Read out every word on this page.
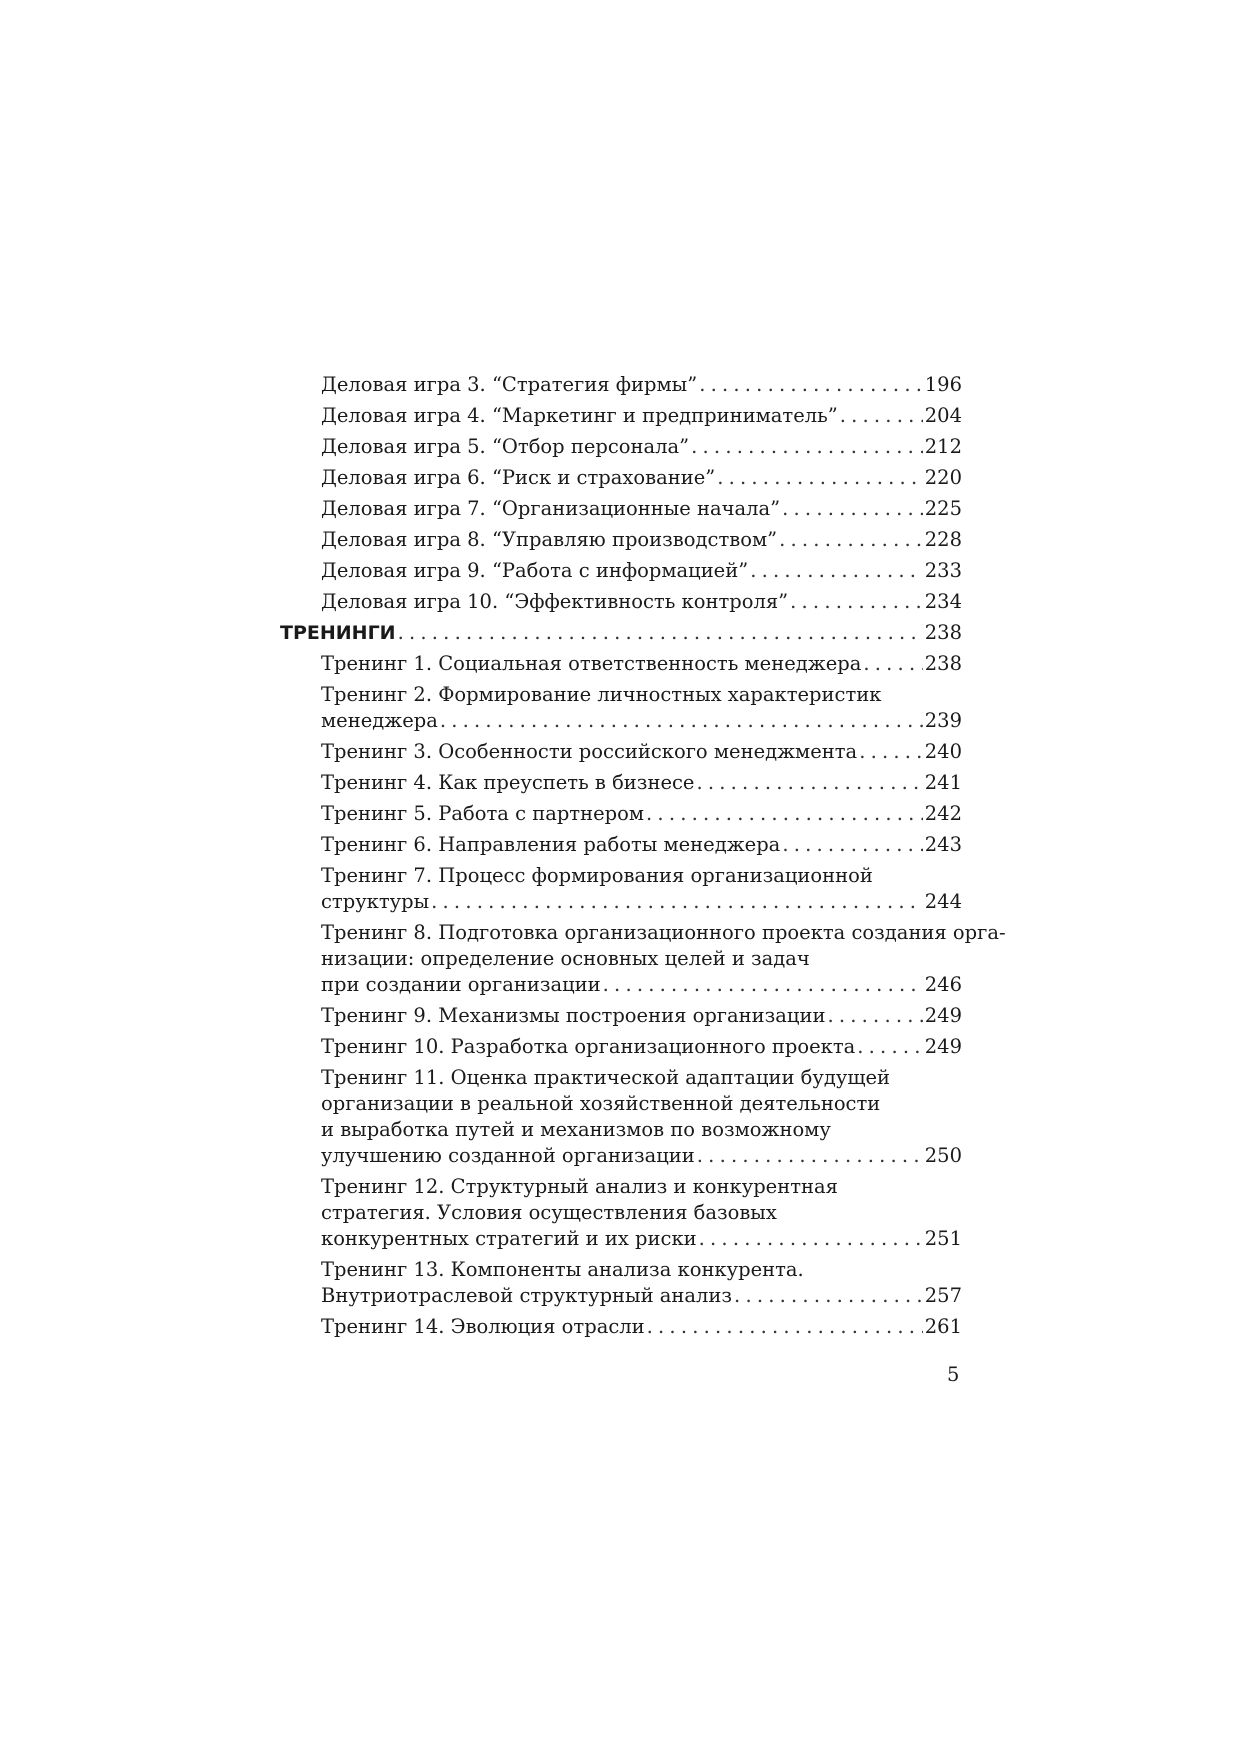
Деловая игра 3. “Стратегия фирмы” . . .	196
Деловая игра 4. “Маркетинг и предприниматель” . . .	204
Деловая игра 5. “Отбор персонала” . . .	212
Деловая игра 6. “Риск и страхование” . . .	220
Деловая игра 7. “Организационные начала” . . .	225
Деловая игра 8. “Управляю производством” . . .	228
Деловая игра 9. “Работа с информацией” . . .	233
Деловая игра 10. “Эффективность контроля” . . .	234
ТРЕНИНГИ . . .	238
Тренинг 1. Социальная ответственность менеджера . . .	238
Тренинг 2. Формирование личностных характеристик
менеджера . . .	239
Тренинг 3. Особенности российского менеджмента . . .	240
Тренинг 4. Как преуспеть в бизнесе . . .	241
Тренинг 5. Работа с партнером . . .	242
Тренинг 6. Направления работы менеджера . . .	243
Тренинг 7. Процесс формирования организационной
структуры . . .	244
Тренинг 8. Подготовка организационного проекта создания орга-
низации: определение основных целей и задач
при создании организации . . .	246
Тренинг 9. Механизмы построения организации . . .	249
Тренинг 10. Разработка организационного проекта . . .	249
Тренинг 11. Оценка практической адаптации будущей
организации в реальной хозяйственной деятельности
и выработка путей и механизмов по возможному
улучшению созданной организации . . .	250
Тренинг 12. Структурный анализ и конкурентная
стратегия. Условия осуществления базовых
конкурентных стратегий и их риски . . .	251
Тренинг 13. Компоненты анализа конкурента.
Внутриотраслевой структурный анализ . . .	257
Тренинг 14. Эволюция отрасли . . .	261
5
